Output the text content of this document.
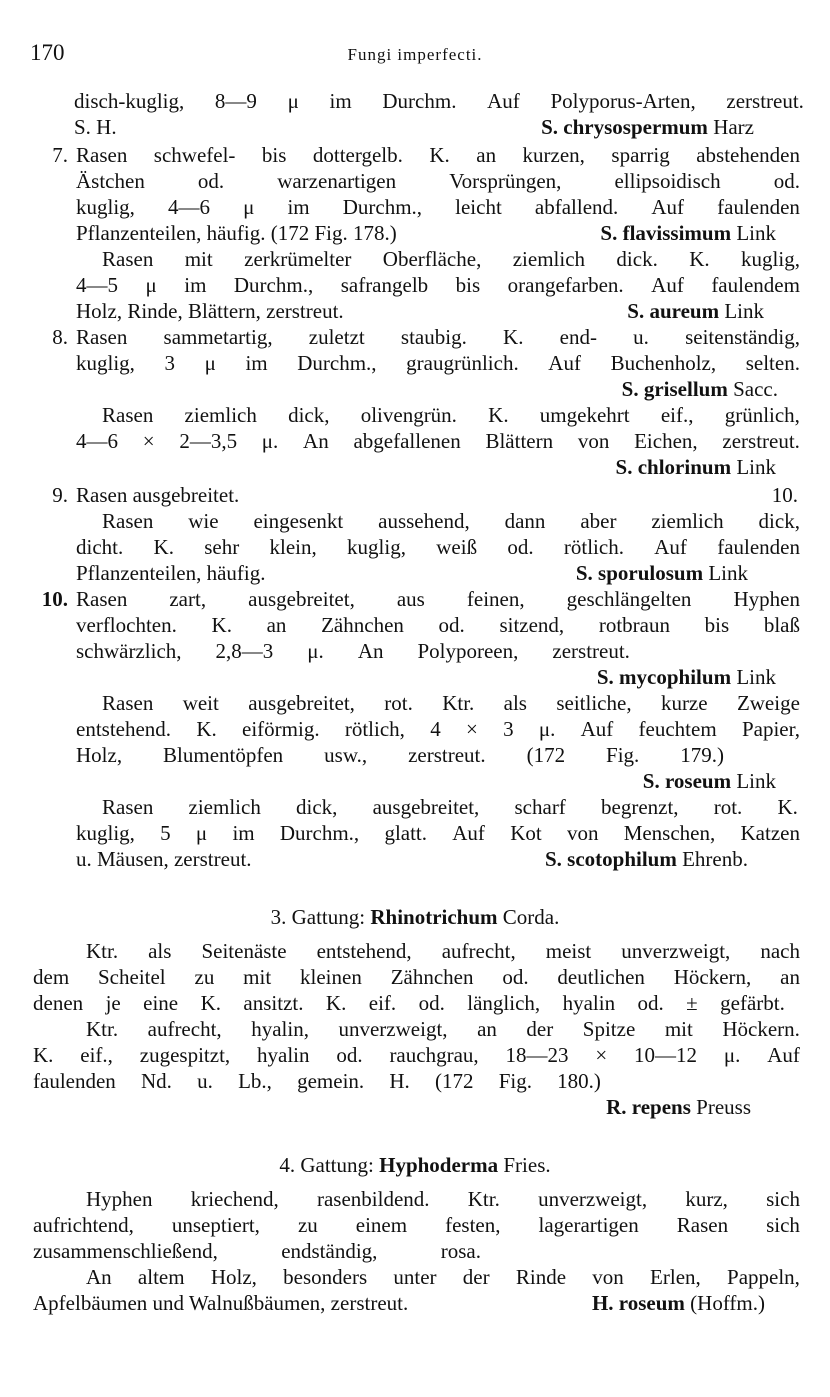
170	Fungi imperfecti.
disch-kuglig, 8—9 μ im Durchm. Auf Polyporus-Arten, zerstreut.
S. H.	S. chrysospermum Harz
7. Rasen schwefel- bis dottergelb. K. an kurzen, sparrig abstehenden
Ästchen	od.	warzenartigen	Vorsprüngen,	ellipsoidisch	od.
kuglig, 4—6 μ im Durchm., leicht abfallend. Auf faulenden
Pflanzenteilen, häufig. (172 Fig. 178.)	S. flavissimum Link
Rasen mit zerkrümelter Oberfläche, ziemlich dick. K. kuglig,
4—5 μ im Durchm., safrangelb bis orangefarben. Auf faulendem
Holz, Rinde, Blättern, zerstreut.	S. aureum Link
8. Rasen sammetartig, zuletzt staubig. K. end- u. seitenständig,
kuglig, 3 μ im Durchm., graugrünlich. Auf Buchenholz, selten.
S. grisellum Sacc.
Rasen ziemlich dick, olivengrün. K. umgekehrt eif., grünlich,
4—6 × 2—3,5 μ. An abgefallenen Blättern von Eichen, zerstreut.
S. chlorinum Link
9. Rasen ausgebreitet.	10.
Rasen wie eingesenkt aussehend, dann aber ziemlich dick,
dicht. K. sehr klein, kuglig, weiß od. rötlich. Auf faulenden
Pflanzenteilen, häufig.	S. sporulosum Link
10. Rasen zart, ausgebreitet, aus feinen, geschlängelten Hyphen
verflochten. K. an Zähnchen od. sitzend, rotbraun bis blaß
schwärzlich, 2,8—3 μ. An Polyporeen, zerstreut.
S. mycophilum Link
Rasen weit ausgebreitet, rot. Ktr. als seitliche, kurze Zweige
entstehend. K. eiförmig. rötlich, 4 × 3 μ. Auf feuchtem Papier,
Holz, Blumentöpfen usw., zerstreut. (172 Fig. 179.)
S. roseum Link
Rasen ziemlich dick, ausgebreitet, scharf begrenzt, rot. K.
kuglig, 5 μ im Durchm., glatt. Auf Kot von Menschen, Katzen
u. Mäusen, zerstreut.	S. scotophilum Ehrenb.
3. Gattung: Rhinotrichum Corda.
Ktr. als Seitenäste entstehend, aufrecht, meist unverzweigt, nach
dem Scheitel zu mit kleinen Zähnchen od. deutlichen Höckern, an
denen je eine K. ansitzt. K. eif. od. länglich, hyalin od. ± gefärbt.
Ktr. aufrecht, hyalin, unverzweigt, an der Spitze mit Höckern.
K. eif., zugespitzt, hyalin od. rauchgrau, 18—23 × 10—12 μ. Auf
faulenden Nd. u. Lb., gemein. H. (172 Fig. 180.)
R. repens Preuss
4. Gattung: Hyphoderma Fries.
Hyphen kriechend, rasenbildend. Ktr. unverzweigt, kurz, sich
aufrichtend, unseptiert, zu einem festen, lagerartigen Rasen sich
zusammenschließend,	endständig,	rosa.
An altem Holz, besonders unter der Rinde von Erlen, Pappeln,
Apfelbäumen und Walnußbäumen, zerstreut.	H. roseum (Hoffm.)
